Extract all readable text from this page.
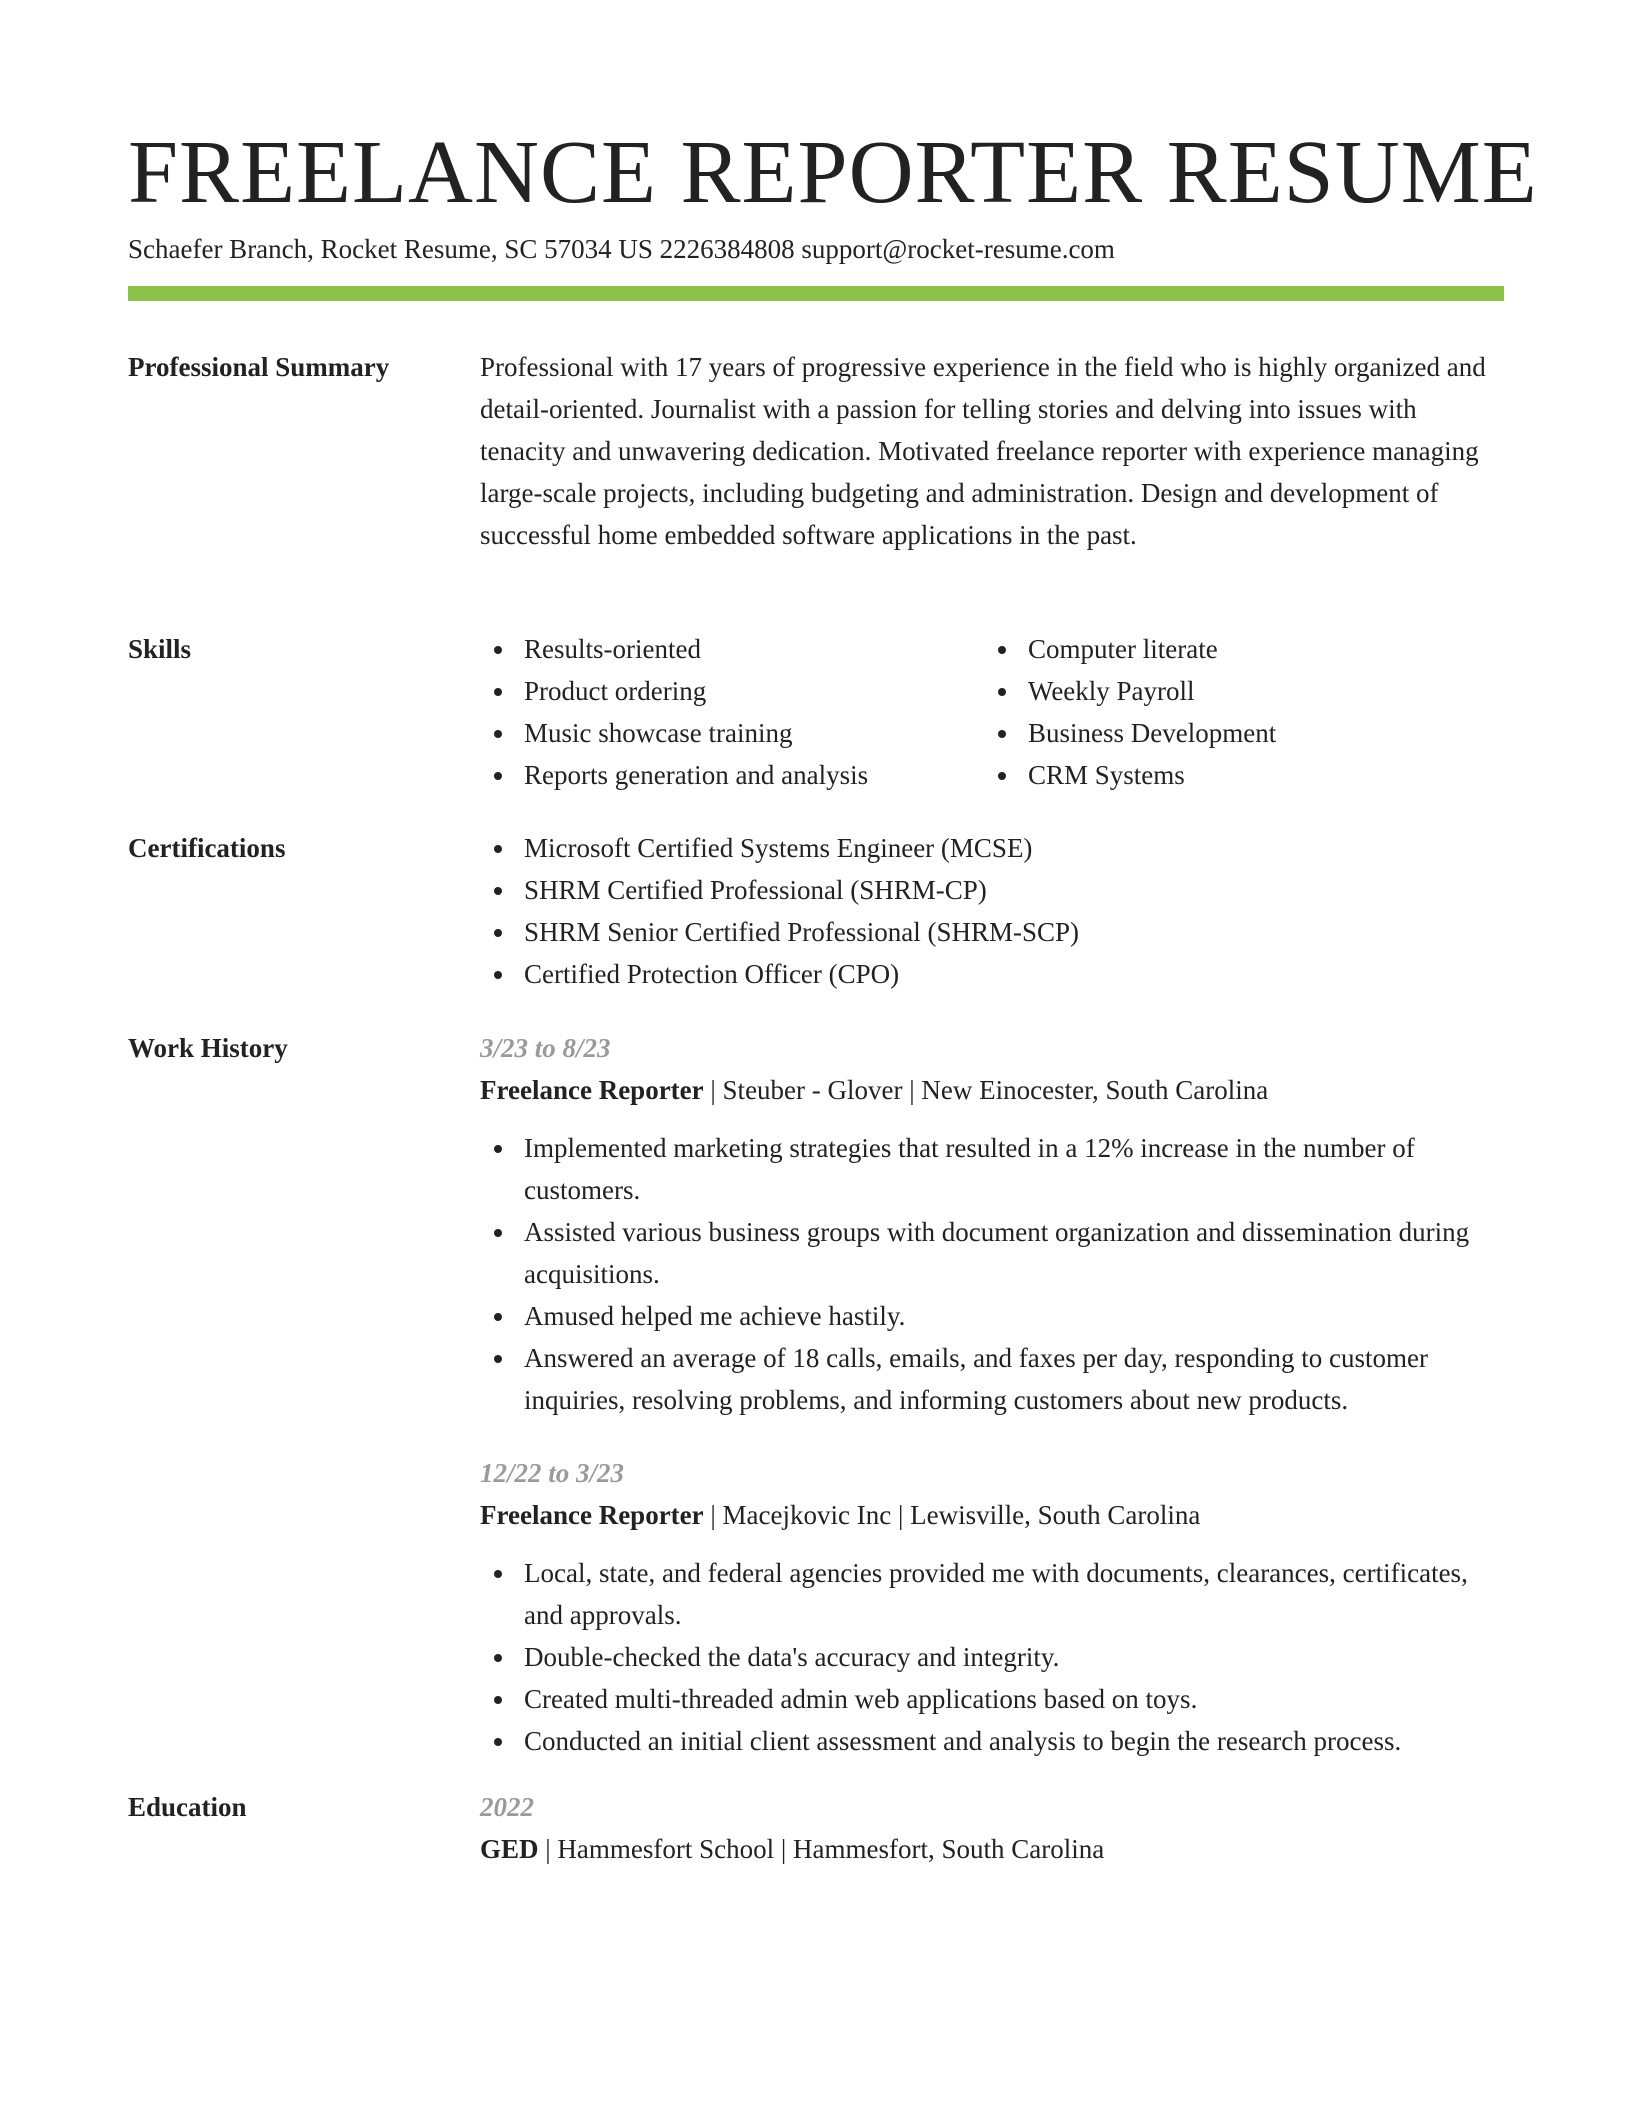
FREELANCE REPORTER RESUME
Schaefer Branch, Rocket Resume, SC 57034 US 2226384808 support@rocket-resume.com
Professional Summary	Professional with 17 years of progressive experience in the field who is highly organized and detail-oriented. Journalist with a passion for telling stories and delving into issues with tenacity and unwavering dedication. Motivated freelance reporter with experience managing large-scale projects, including budgeting and administration. Design and development of successful home embedded software applications in the past.

Skills	Results-oriented
Product ordering
Music showcase training
Reports generation and analysis
Computer literate
Weekly Payroll
Business Development
CRM Systems
Certifications	Microsoft Certified Systems Engineer (MCSE)
SHRM Certified Professional (SHRM-CP)
SHRM Senior Certified Professional (SHRM-SCP)
Certified Protection Officer (CPO)
Work History	3/23 to 8/23
Freelance Reporter | Steuber - Glover | New Einocester, South Carolina
Implemented marketing strategies that resulted in a 12% increase in the number of customers.
Assisted various business groups with document organization and dissemination during acquisitions.
Amused helped me achieve hastily.
Answered an average of 18 calls, emails, and faxes per day, responding to customer inquiries, resolving problems, and informing customers about new products.
12/22 to 3/23
Freelance Reporter | Macejkovic Inc | Lewisville, South Carolina
Local, state, and federal agencies provided me with documents, clearances, certificates, and approvals.
Double-checked the data's accuracy and integrity.
Created multi-threaded admin web applications based on toys.
Conducted an initial client assessment and analysis to begin the research process.
Education	2022
GED | Hammesfort School | Hammesfort, South Carolina
